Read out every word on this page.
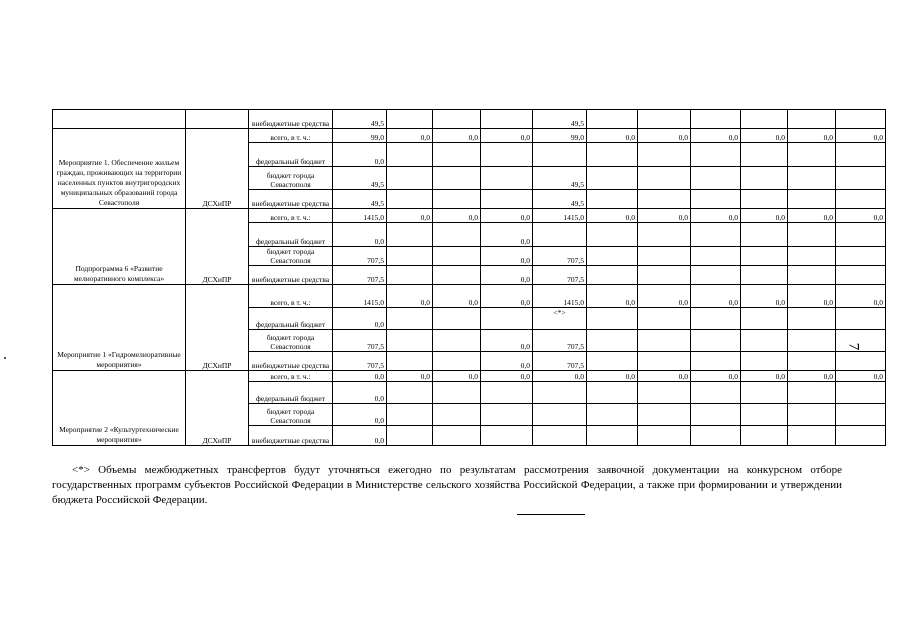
		внебюджетные средства	49,5				49,5						
Мероприятие 1. Обеспечение жильем граждан, проживающих на территории населенных пунктов внутригородских муниципальных образований города Севастополя	ДСХиПР	всего, в т. ч.:	99,0	0,0	0,0	0,0	99,0	0,0	0,0	0,0	0,0	0,0	0,0
		федеральный бюджет	0,0										
		бюджет города Севастополя	49,5				49,5						
		внебюджетные средства	49,5				49,5						
Подпрограмма 6 «Развитие мелиоративного комплекса»	ДСХиПР	всего, в т. ч.:	1415,0	0,0	0,0	0,0	1415,0	0,0	0,0	0,0	0,0	0,0	0,0
		федеральный бюджет	0,0			0,0							
		бюджет города Севастополя	707,5			0,0	707,5						
		внебюджетные средства	707,5			0,0	707,5						
Мероприятие 1 «Гидромелиоративные мероприятия»	ДСХиПР	всего, в т. ч.:	1415,0	0,0	0,0	0,0	1415,0	0,0	0,0	0,0	0,0	0,0	0,0
		федеральный бюджет	0,0				<*>						
		бюджет города Севастополя	707,5			0,0	707,5						
		внебюджетные средства	707,5			0,0	707,5						
Мероприятие 2 «Культуртехнические мероприятия»	ДСХиПР	всего, в т. ч.:	0,0	0,0	0,0	0,0	0,0	0,0	0,0	0,0	0,0	0,0	0,0
		федеральный бюджет	0,0										
		бюджет города Севастополя	0,0										
		внебюджетные средства	0,0										
<*> Объемы межбюджетных трансфертов будут уточняться ежегодно по результатам рассмотрения заявочной документации на конкурсном отборе государственных программ субъектов Российской Федерации в Министерстве сельского хозяйства Российской Федерации, а также при формировании и утверждении бюджета Российской Федерации.
7
